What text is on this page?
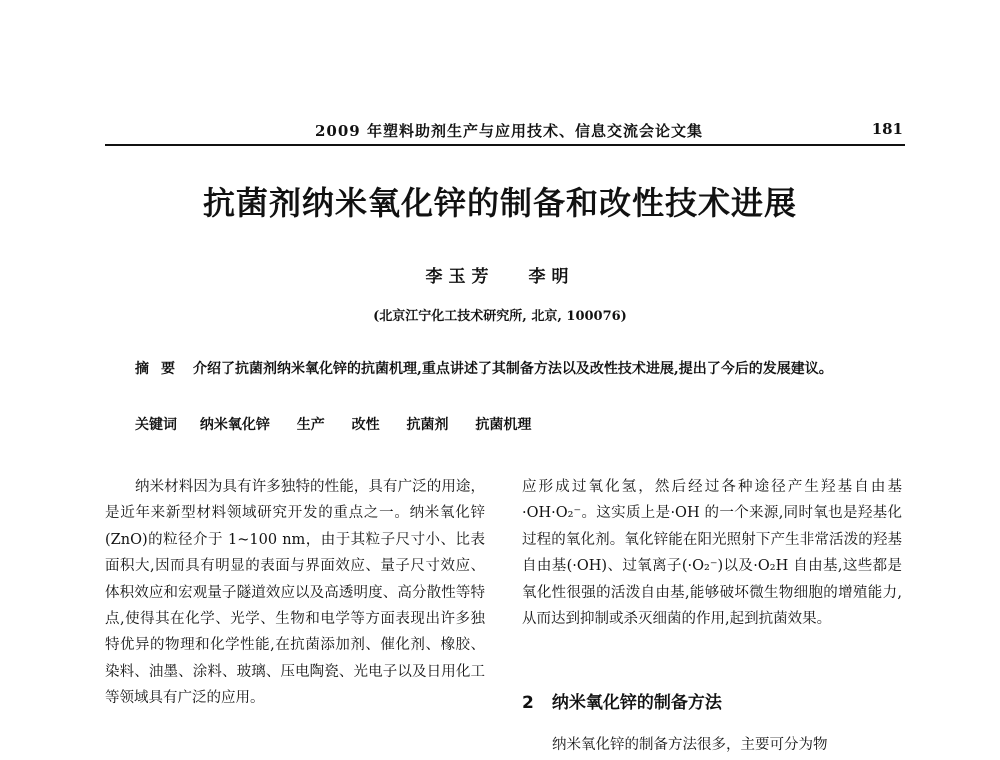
2009 年塑料助剂生产与应用技术、信息交流会论文集	181
抗菌剂纳米氧化锌的制备和改性技术进展
李玉芳 李明
(北京江宁化工技术研究所, 北京, 100076)
摘要 介绍了抗菌剂纳米氧化锌的抗菌机理,重点讲述了其制备方法以及改性技术进展,提出了今后的发展建议。
关键词 纳米氧化锌 生产 改性 抗菌剂 抗菌机理

纳米材料因为具有许多独特的性能，具有广泛的用途，是近年来新型材料领域研究开发的重点之一。纳米氧化锌(ZnO)的粒径介于 1~100 nm，由于其粒子尺寸小、比表面积大,因而具有明显的表面与界面效应、量子尺寸效应、体积效应和宏观量子隧道效应以及高透明度、高分散性等特点,使得其在化学、光学、生物和电学等方面表现出许多独特优异的物理和化学性能,在抗菌添加剂、催化剂、橡胶、染料、油墨、涂料、玻璃、压电陶瓷、光电子以及日用化工等领域具有广泛的应用。

应形成过氧化氢，然后经过各种途径产生羟基自由基·OH·O₂⁻。这实质上是·OH 的一个来源,同时氧也是羟基化过程的氧化剂。氧化锌能在阳光照射下产生非常活泼的羟基自由基(·OH)、过氧离子(·O₂⁻)以及·O₂H 自由基,这些都是氧化性很强的活泼自由基,能够破坏微生物细胞的增殖能力,从而达到抑制或杀灭细菌的作用,起到抗菌效果。

2 纳米氧化锌的制备方法
纳米氧化锌的制备方法很多，主要可分为物
